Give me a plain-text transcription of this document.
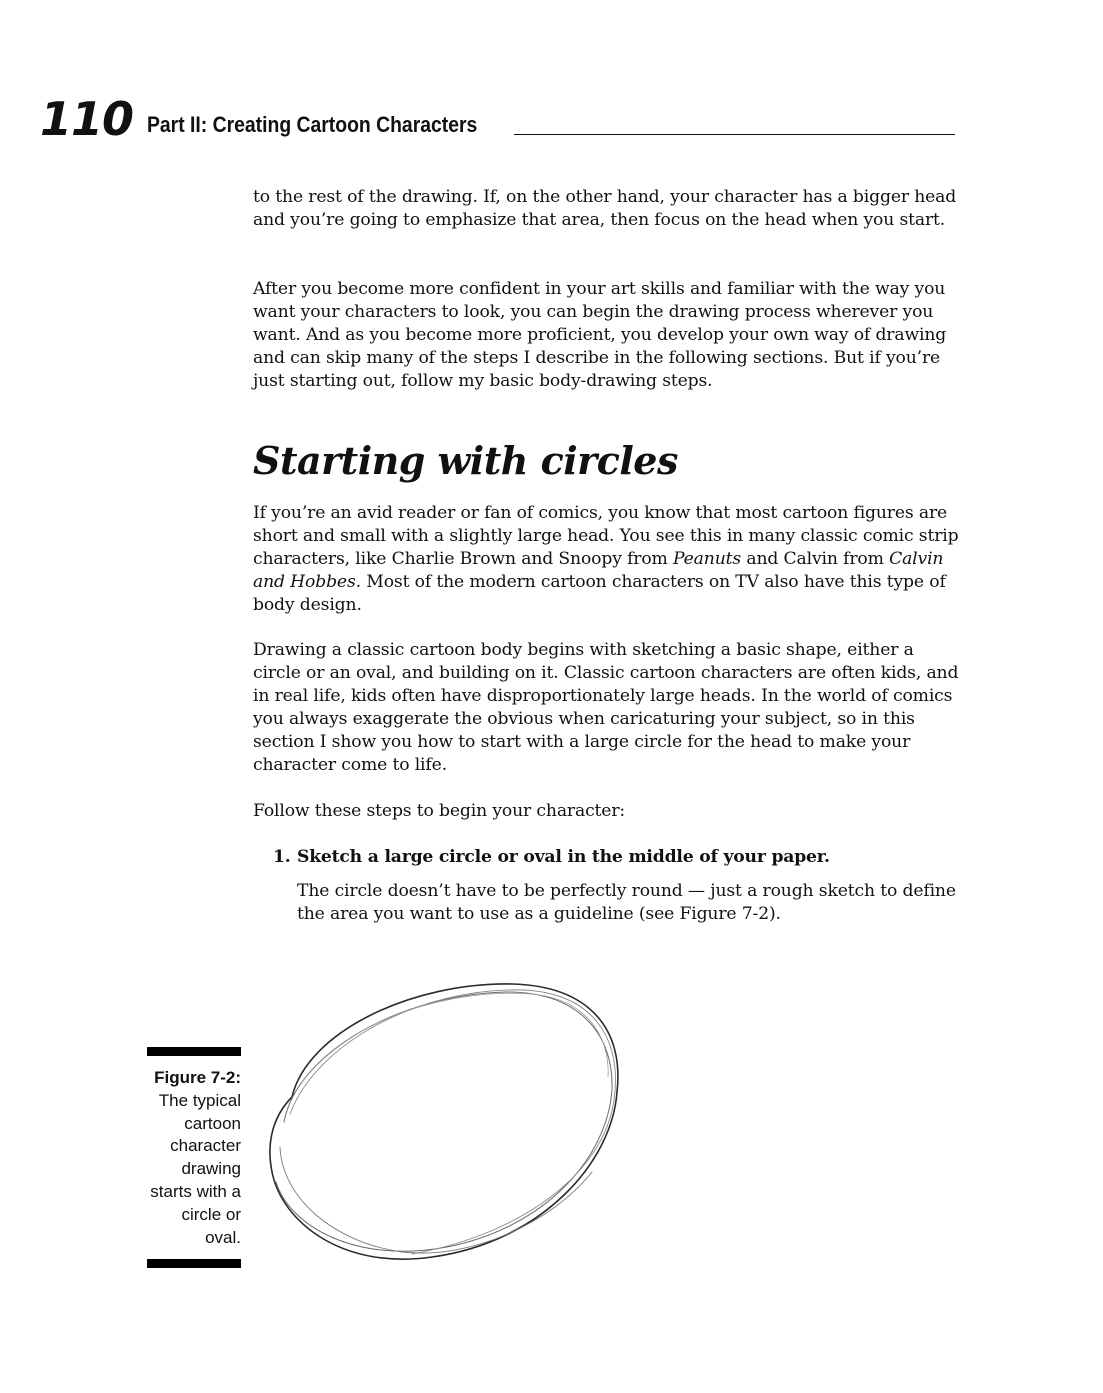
110 Part II: Creating Cartoon Characters

to the rest of the drawing. If, on the other hand, your character has a bigger head and you’re going to emphasize that area, then focus on the head when you start.

After you become more confident in your art skills and familiar with the way you want your characters to look, you can begin the drawing process wherever you want. And as you become more proficient, you develop your own way of drawing and can skip many of the steps I describe in the following sections. But if you’re just starting out, follow my basic body-drawing steps.

Starting with circles

If you’re an avid reader or fan of comics, you know that most cartoon figures are short and small with a slightly large head. You see this in many classic comic strip characters, like Charlie Brown and Snoopy from Peanuts and Calvin from Calvin and Hobbes. Most of the modern cartoon characters on TV also have this type of body design.

Drawing a classic cartoon body begins with sketching a basic shape, either a circle or an oval, and building on it. Classic cartoon characters are often kids, and in real life, kids often have disproportionately large heads. In the world of comics you always exaggerate the obvious when caricaturing your subject, so in this section I show you how to start with a large circle for the head to make your character come to life.

Follow these steps to begin your character:

1. Sketch a large circle or oval in the middle of your paper.

The circle doesn’t have to be perfectly round — just a rough sketch to define the area you want to use as a guideline (see Figure 7-2).

Figure 7-2:
The typical cartoon character drawing starts with a circle or oval.
